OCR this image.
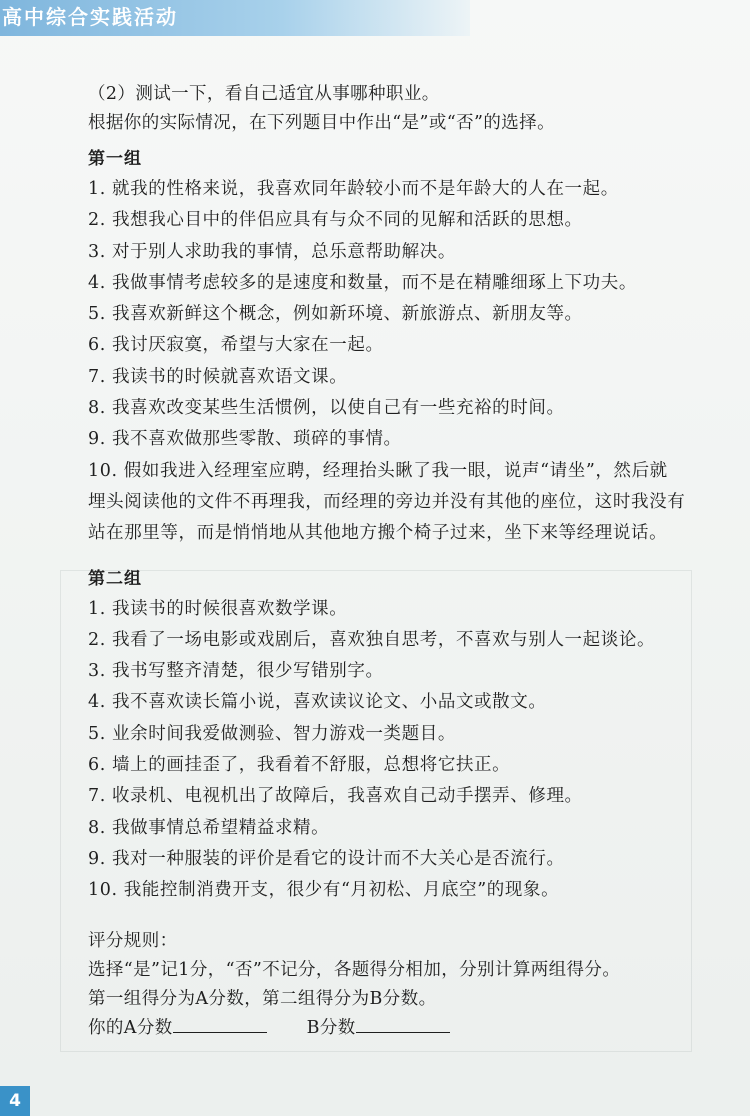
高中综合实践活动
（2）测试一下，看自己适宜从事哪种职业。
根据你的实际情况，在下列题目中作出“是”或“否”的选择。
第一组
1. 就我的性格来说，我喜欢同年龄较小而不是年龄大的人在一起。
2. 我想我心目中的伴侣应具有与众不同的见解和活跃的思想。
3. 对于别人求助我的事情，总乐意帮助解决。
4. 我做事情考虑较多的是速度和数量，而不是在精雕细琢上下功夫。
5. 我喜欢新鲜这个概念，例如新环境、新旅游点、新朋友等。
6. 我讨厌寂寞，希望与大家在一起。
7. 我读书的时候就喜欢语文课。
8. 我喜欢改变某些生活惯例，以使自己有一些充裕的时间。
9. 我不喜欢做那些零散、琐碎的事情。
10. 假如我进入经理室应聘，经理抬头瞅了我一眼，说声“请坐”，然后就
埋头阅读他的文件不再理我，而经理的旁边并没有其他的座位，这时我没有
站在那里等，而是悄悄地从其他地方搬个椅子过来，坐下来等经理说话。
第二组
1. 我读书的时候很喜欢数学课。
2. 我看了一场电影或戏剧后，喜欢独自思考，不喜欢与别人一起谈论。
3. 我书写整齐清楚，很少写错别字。
4. 我不喜欢读长篇小说，喜欢读议论文、小品文或散文。
5. 业余时间我爱做测验、智力游戏一类题目。
6. 墙上的画挂歪了，我看着不舒服，总想将它扶正。
7. 收录机、电视机出了故障后，我喜欢自己动手摆弄、修理。
8. 我做事情总希望精益求精。
9. 我对一种服装的评价是看它的设计而不大关心是否流行。
10. 我能控制消费开支，很少有“月初松、月底空”的现象。
评分规则：
选择“是”记1分，“否”不记分，各题得分相加，分别计算两组得分。
第一组得分为A分数，第二组得分为B分数。
你的A分数	B分数
4
